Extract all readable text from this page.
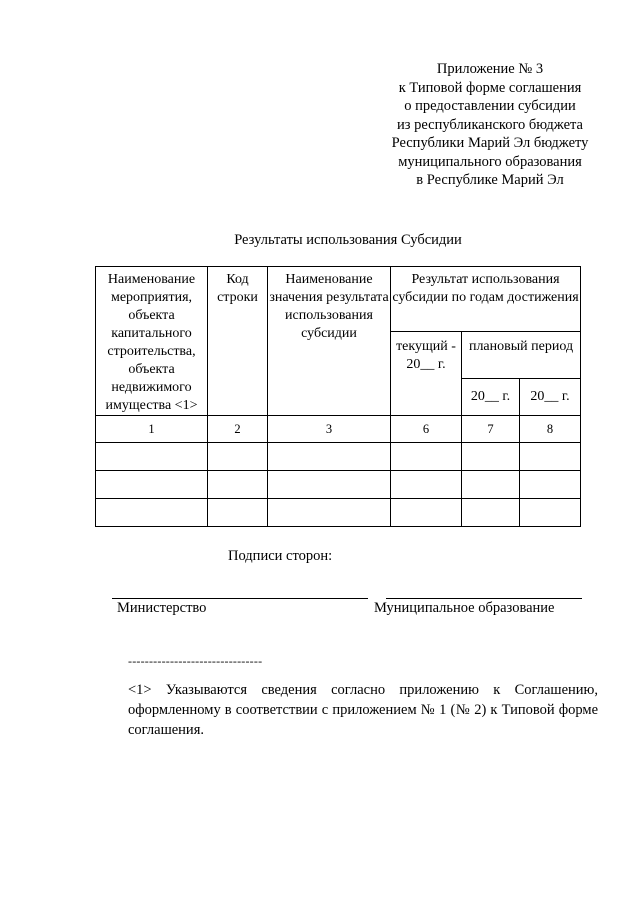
Приложение № 3
к Типовой форме соглашения
о предоставлении субсидии
из республиканского бюджета
Республики Марий Эл бюджету
муниципального образования
в Республике Марий Эл
Результаты использования Субсидии
Наименование мероприятия, объекта капитального строительства, объекта недвижимого имущества <1>	Код строки	Наименование значения результата использования субсидии	Результат использования субсидии по годам достижения		
			текущий - 20__ г.	плановый период	
				20__ г.	20__ г.
1	2	3	6	7	8

Подписи сторон:
Министерство	Муниципальное образование
--------------------------------
<1> Указываются сведения согласно приложению к Соглашению, оформленному в соответствии с приложением № 1 (№ 2) к Типовой форме соглашения.
